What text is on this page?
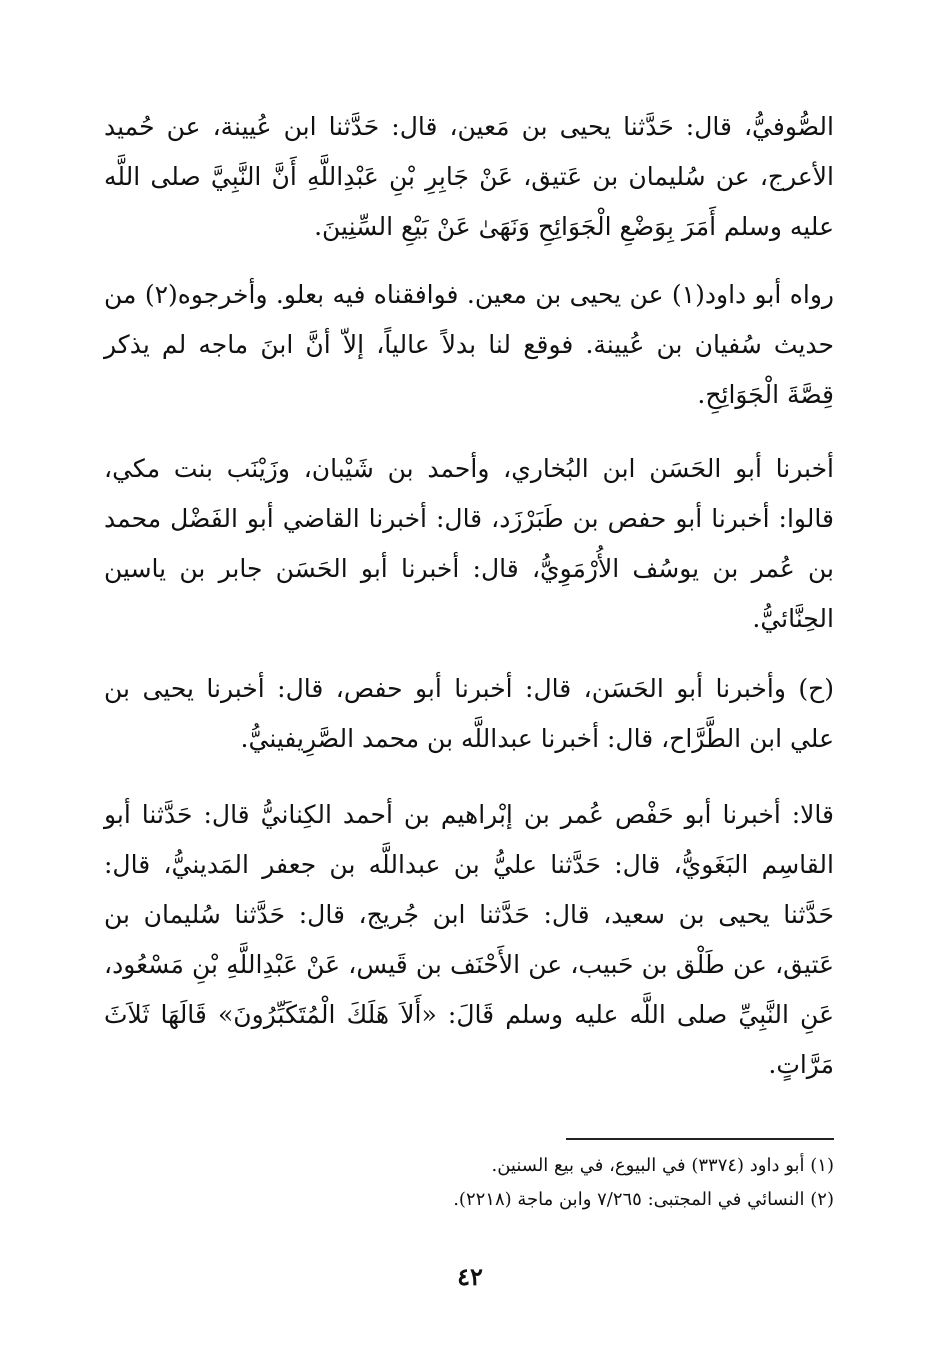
الصُّوفيُّ، قال: حَدَّثنا يحيى بن مَعين، قال: حَدَّثنا ابن عُيينة، عن حُميد الأعرج، عن سُليمان بن عَتيق، عَنْ جَابِرِ بْنِ عَبْدِاللَّهِ أَنَّ النَّبِيَّ صلى اللَّه عليه وسلم أَمَرَ بِوَضْعِ الْجَوَائِحِ وَنَهَىٰ عَنْ بَيْعِ السِّنِينَ.

رواه أبو داود(١) عن يحيى بن معين. فوافقناه فيه بعلو. وأخرجوه(٢) من حديث سُفيان بن عُيينة. فوقع لنا بدلاً عالياً، إلاّ أنَّ ابنَ ماجه لم يذكر قِصَّةَ الْجَوَائِحِ.

أخبرنا أبو الحَسَن ابن البُخاري، وأحمد بن شَيْبان، وزَيْنَب بنت مكي، قالوا: أخبرنا أبو حفص بن طَبَرْزَد، قال: أخبرنا القاضي أبو الفَضْل محمد بن عُمر بن يوسُف الأُرْمَوِيُّ، قال: أخبرنا أبو الحَسَن جابر بن ياسين الحِنَّائيُّ.

(ح) وأخبرنا أبو الحَسَن، قال: أخبرنا أبو حفص، قال: أخبرنا يحيى بن علي ابن الطَّرَّاح، قال: أخبرنا عبداللَّه بن محمد الصَّرِيفينيُّ.

قالا: أخبرنا أبو حَفْص عُمر بن إبْراهيم بن أحمد الكِنانيُّ قال: حَدَّثنا أبو القاسِم البَغَويُّ، قال: حَدَّثنا عليُّ بن عبداللَّه بن جعفر المَدينيُّ، قال: حَدَّثنا يحيى بن سعيد، قال: حَدَّثنا ابن جُريج، قال: حَدَّثنا سُليمان بن عَتيق، عن طَلْق بن حَبيب، عن الأَحْنَف بن قَيس، عَنْ عَبْدِاللَّهِ بْنِ مَسْعُود، عَنِ النَّبِيِّ صلى اللَّه عليه وسلم قَالَ: «أَلاَ هَلَكَ الْمُتَكَبِّرُونَ» قَالَهَا ثَلاَثَ مَرَّاتٍ.

(١) أبو داود (٣٣٧٤) في البيوع، في بيع السنين.

(٢) النسائي في المجتبى: ٧/٢٦٥ وابن ماجة (٢٢١٨).

٤٢
